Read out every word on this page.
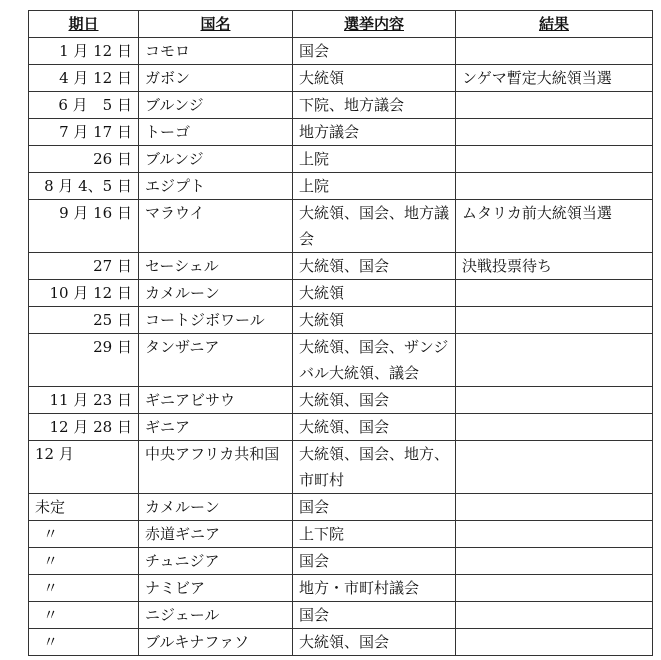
期日	国名	選挙内容	結果
1 月 12 日	コモロ	国会	
4 月 12 日	ガボン	大統領	ンゲマ暫定大統領当選
6 月　5 日	ブルンジ	下院、地方議会	
7 月 17 日	トーゴ	地方議会	
26 日	ブルンジ	上院	
8 月 4、5 日	エジプト	上院	
9 月 16 日	マラウイ	大統領、国会、地方議会	ムタリカ前大統領当選
27 日	セーシェル	大統領、国会	決戦投票待ち
10 月 12 日	カメルーン	大統領	
25 日	コートジボワール	大統領	
29 日	タンザニア	大統領、国会、ザンジバル大統領、議会	
11 月 23 日	ギニアビサウ	大統領、国会	
12 月 28 日	ギニア	大統領、国会	
12 月	中央アフリカ共和国	大統領、国会、地方、市町村	
未定	カメルーン	国会	
〃	赤道ギニア	上下院	
〃	チュニジア	国会	
〃	ナミビア	地方・市町村議会	
〃	ニジェール	国会	
〃	ブルキナファソ	大統領、国会	
